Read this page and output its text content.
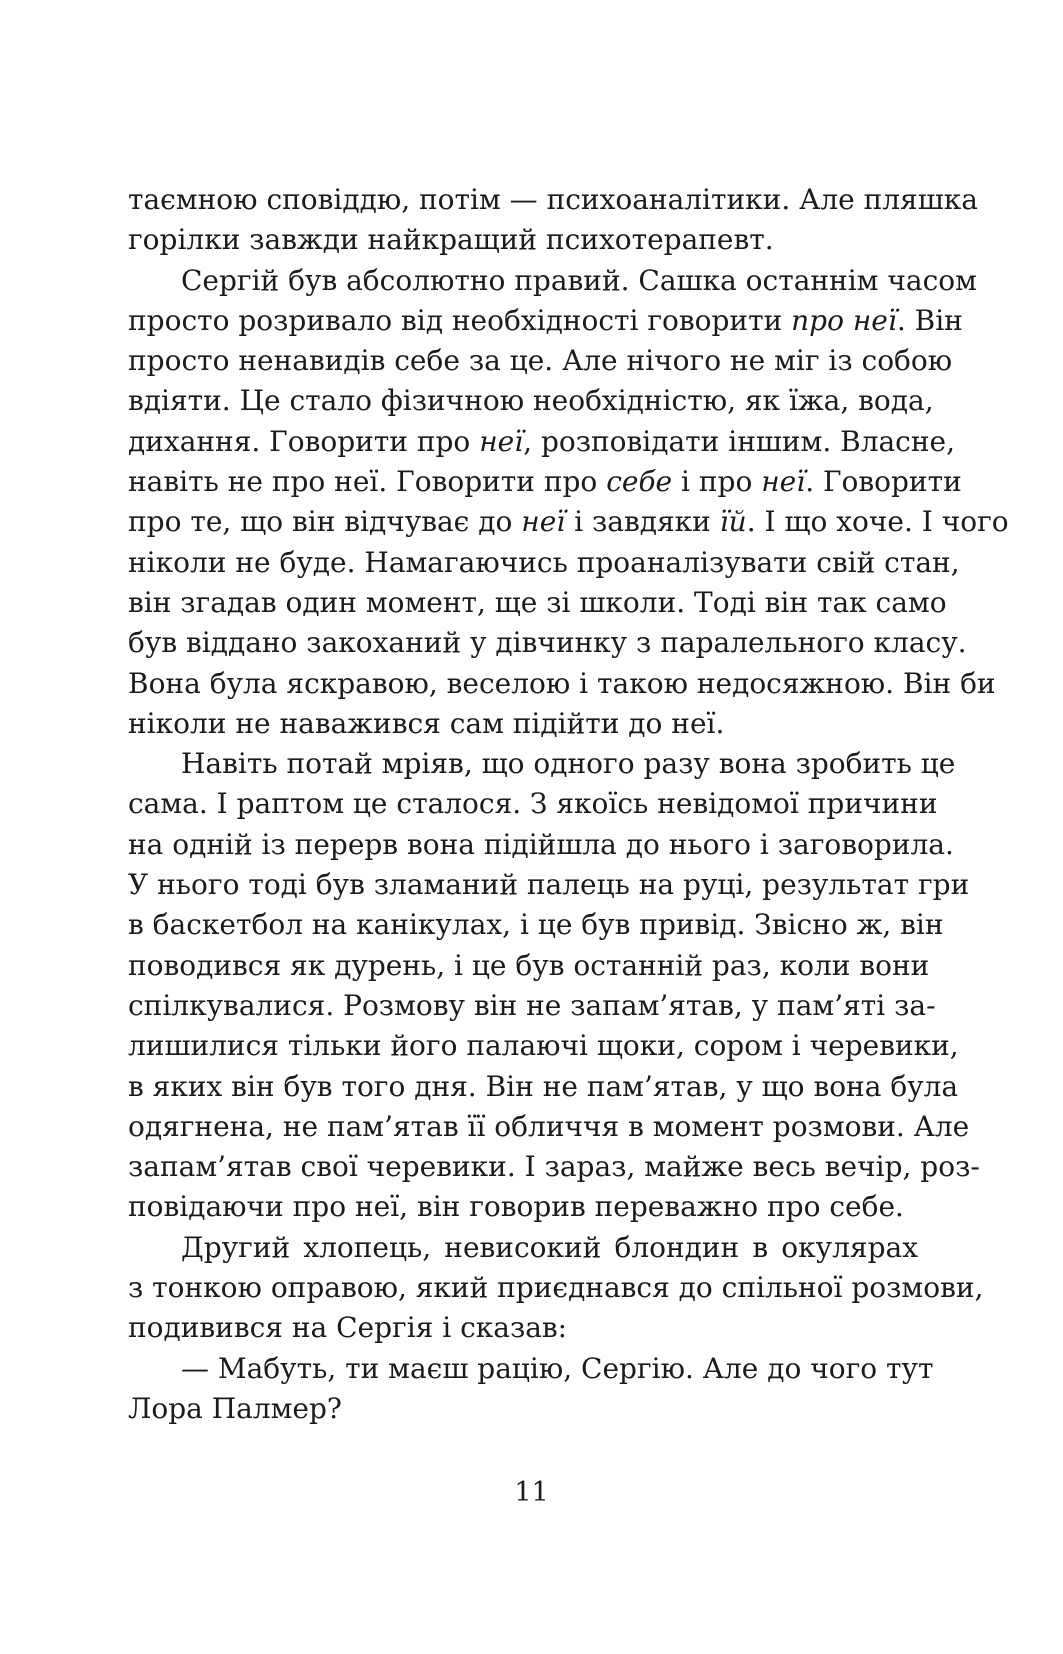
таємною сповіддю, потім — психоаналітики. Але пляшка
горілки завжди найкращий психотерапевт.
Сергій був абсолютно правий. Сашка останнім часом
просто розривало від необхідності говорити про неї. Він
просто ненавидів себе за це. Але нічого не міг із собою
вдіяти. Це стало фізичною необхідністю, як їжа, вода,
дихання. Говорити про неї, розповідати іншим. Власне,
навіть не про неї. Говорити про себе і про неї. Говорити
про те, що він відчуває до неї і завдяки їй. І що хоче. І чого
ніколи не буде. Намагаючись проаналізувати свій стан,
він згадав один момент, ще зі школи. Тоді він так само
був віддано закоханий у дівчинку з паралельного класу.
Вона була яскравою, веселою і такою недосяжною. Він би
ніколи не наважився сам підійти до неї.
Навіть потай мріяв, що одного разу вона зробить це
сама. І раптом це сталося. З якоїсь невідомої причини
на одній із перерв вона підійшла до нього і заговорила.
У нього тоді був зламаний палець на руці, результат гри
в баскетбол на канікулах, і це був привід. Звісно ж, він
поводився як дурень, і це був останній раз, коли вони
спілкувалися. Розмову він не запам’ятав, у пам’яті за-
лишилися тільки його палаючі щоки, сором і черевики,
в яких він був того дня. Він не пам’ятав, у що вона була
одягнена, не пам’ятав її обличчя в момент розмови. Але
запам’ятав свої черевики. І зараз, майже весь вечір, роз-
повідаючи про неї, він говорив переважно про себе.
Другий хлопець, невисокий блондин в окулярах
з тонкою оправою, який приєднався до спільної розмови,
подивився на Сергія і сказав:
— Мабуть, ти маєш рацію, Сергію. Але до чого тут
Лора Палмер?
11
